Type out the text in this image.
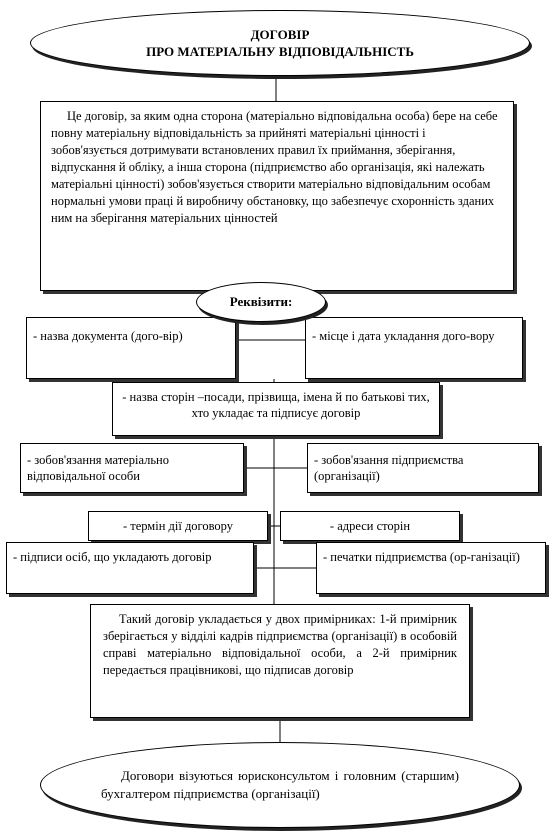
ДОГОВІР
ПРО МАТЕРІАЛЬНУ ВІДПОВІДАЛЬНІСТЬ
Це договір, за яким одна сторона (матеріально відповідальна особа) бере на себе повну матеріальну відповідальність за прийняті матеріальні цінності і зобов'язується дотримувати встановлених правил їх приймання, зберігання, відпускання й обліку, а інша сторона (підприємство або організація, які належать матеріальні цінності) зобов'язується створити матеріально відповідальним особам нормальні умови праці й виробничу обстановку, що забезпечує схоронність зданих ним на зберігання матеріальних цінностей
Реквізити:
- назва документа (дого-вір)	- місце і дата укладання дого-вору
- назва сторін –посади, прізвища, імена й по батькові тих, хто укладає та підписує договір
- зобов'язання матеріально відповідальної особи
- зобов'язання підприємства (організації)
- термін дії договору	- адреси сторін
- підписи осіб, що укладають договір	- печатки підприємства (ор-ганізації)
Такий договір укладається у двох примірниках: 1-й примірник зберігається у відділі кадрів підприємства (організації) в особовій справі матеріально відповідальної особи, а 2-й примірник передається працівникові, що підписав договір
Договори візуються юрисконсультом і головним (старшим) бухгалтером підприємства (організації)
